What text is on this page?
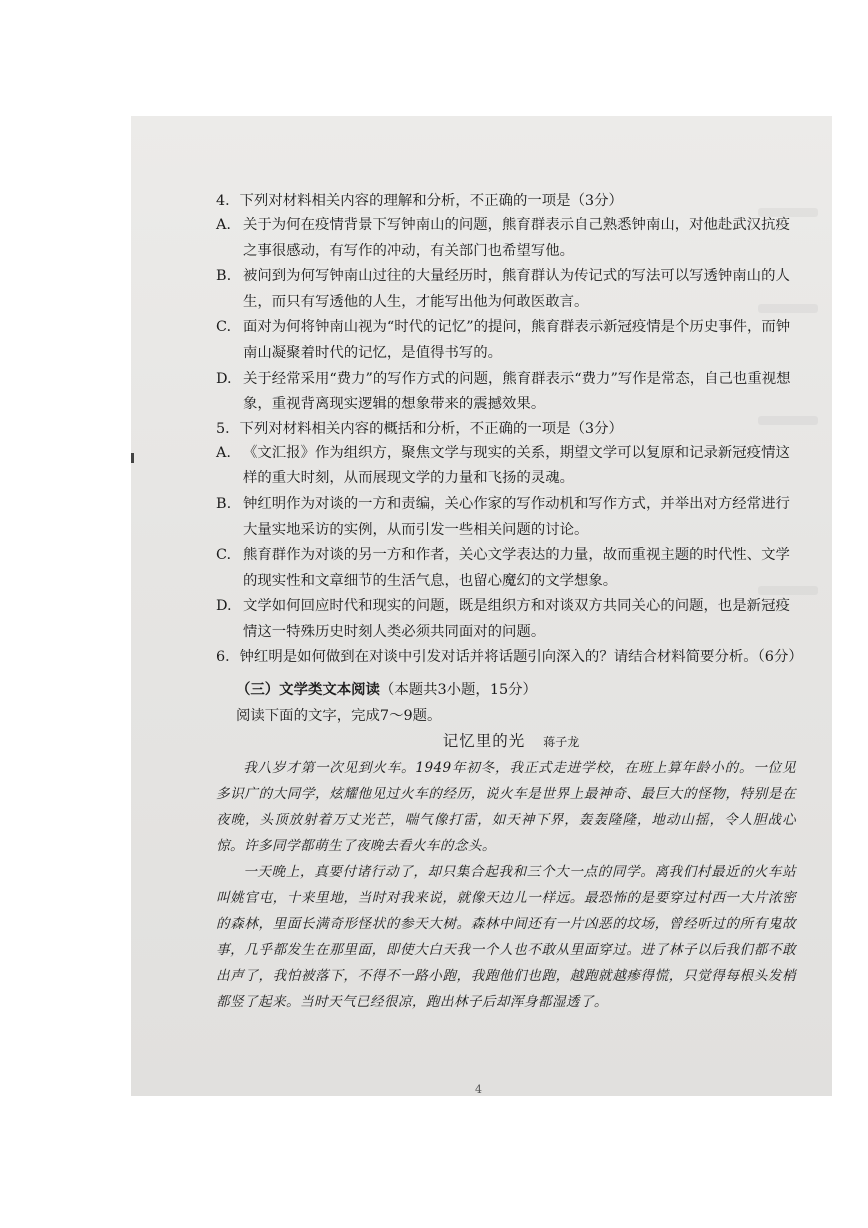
4．下列对材料相关内容的理解和分析，不正确的一项是（3分）

A. 关于为何在疫情背景下写钟南山的问题，熊育群表示自己熟悉钟南山，对他赴武汉抗疫之事很感动，有写作的冲动，有关部门也希望写他。

B. 被问到为何写钟南山过往的大量经历时，熊育群认为传记式的写法可以写透钟南山的人生，而只有写透他的人生，才能写出他为何敢医敢言。

C. 面对为何将钟南山视为“时代的记忆”的提问，熊育群表示新冠疫情是个历史事件，而钟南山凝聚着时代的记忆，是值得书写的。

D. 关于经常采用“费力”的写作方式的问题，熊育群表示“费力”写作是常态，自己也重视想象，重视背离现实逻辑的想象带来的震撼效果。

5．下列对材料相关内容的概括和分析，不正确的一项是（3分）

A. 《文汇报》作为组织方，聚焦文学与现实的关系，期望文学可以复原和记录新冠疫情这样的重大时刻，从而展现文学的力量和飞扬的灵魂。

B. 钟红明作为对谈的一方和责编，关心作家的写作动机和写作方式，并举出对方经常进行大量实地采访的实例，从而引发一些相关问题的讨论。

C. 熊育群作为对谈的另一方和作者，关心文学表达的力量，故而重视主题的时代性、文学的现实性和文章细节的生活气息，也留心魔幻的文学想象。

D. 文学如何回应时代和现实的问题，既是组织方和对谈双方共同关心的问题，也是新冠疫情这一特殊历史时刻人类必须共同面对的问题。

6．钟红明是如何做到在对谈中引发对话并将话题引向深入的？请结合材料简要分析。（6分）

（三）文学类文本阅读（本题共3小题，15分）

阅读下面的文字，完成7～9题。

记忆里的光 蒋子龙

我八岁才第一次见到火车。1949年初冬，我正式走进学校，在班上算年龄小的。一位见多识广的大同学，炫耀他见过火车的经历，说火车是世界上最神奇、最巨大的怪物，特别是在夜晚，头顶放射着万丈光芒，喘气像打雷，如天神下界，轰轰隆隆，地动山摇，令人胆战心惊。许多同学都萌生了夜晚去看火车的念头。

一天晚上，真要付诸行动了，却只集合起我和三个大一点的同学。离我们村最近的火车站叫姚官屯，十来里地，当时对我来说，就像天边儿一样远。最恐怖的是要穿过村西一大片浓密的森林，里面长满奇形怪状的参天大树。森林中间还有一片凶恶的坟场，曾经听过的所有鬼故事，几乎都发生在那里面，即使大白天我一个人也不敢从里面穿过。进了林子以后我们都不敢出声了，我怕被落下，不得不一路小跑，我跑他们也跑，越跑就越瘆得慌，只觉得每根头发梢都竖了起来。当时天气已经很凉，跑出林子后却浑身都湿透了。

4
